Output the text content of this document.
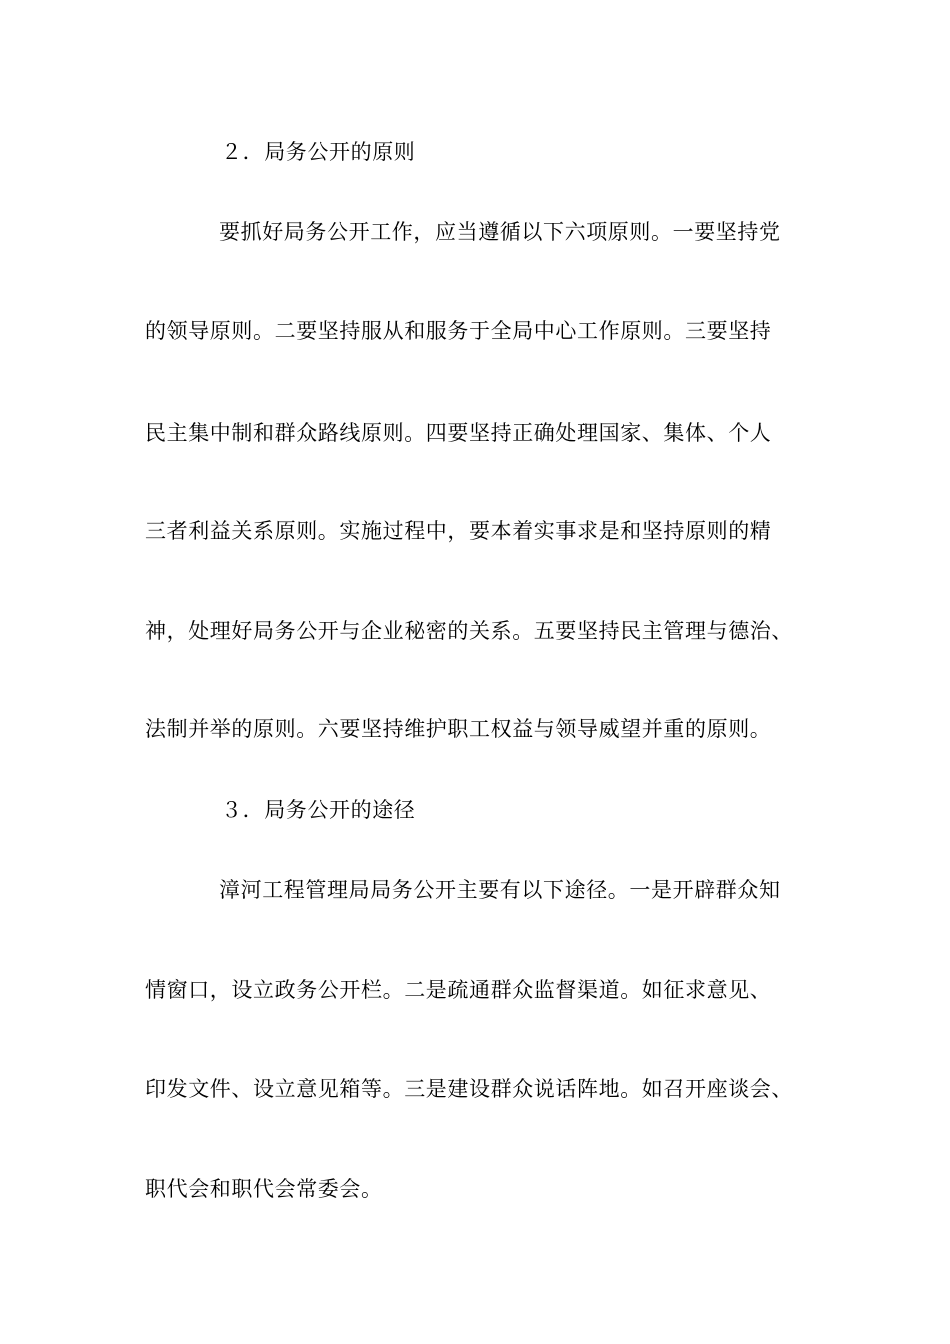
２．局务公开的原则
要抓好局务公开工作，应当遵循以下六项原则。一要坚持党
的领导原则。二要坚持服从和服务于全局中心工作原则。三要坚持
民主集中制和群众路线原则。四要坚持正确处理国家、集体、个人
三者利益关系原则。实施过程中，要本着实事求是和坚持原则的精
神，处理好局务公开与企业秘密的关系。五要坚持民主管理与德治、
法制并举的原则。六要坚持维护职工权益与领导威望并重的原则。
３．局务公开的途径
漳河工程管理局局务公开主要有以下途径。一是开辟群众知
情窗口，设立政务公开栏。二是疏通群众监督渠道。如征求意见、
印发文件、设立意见箱等。三是建设群众说话阵地。如召开座谈会、
职代会和职代会常委会。
